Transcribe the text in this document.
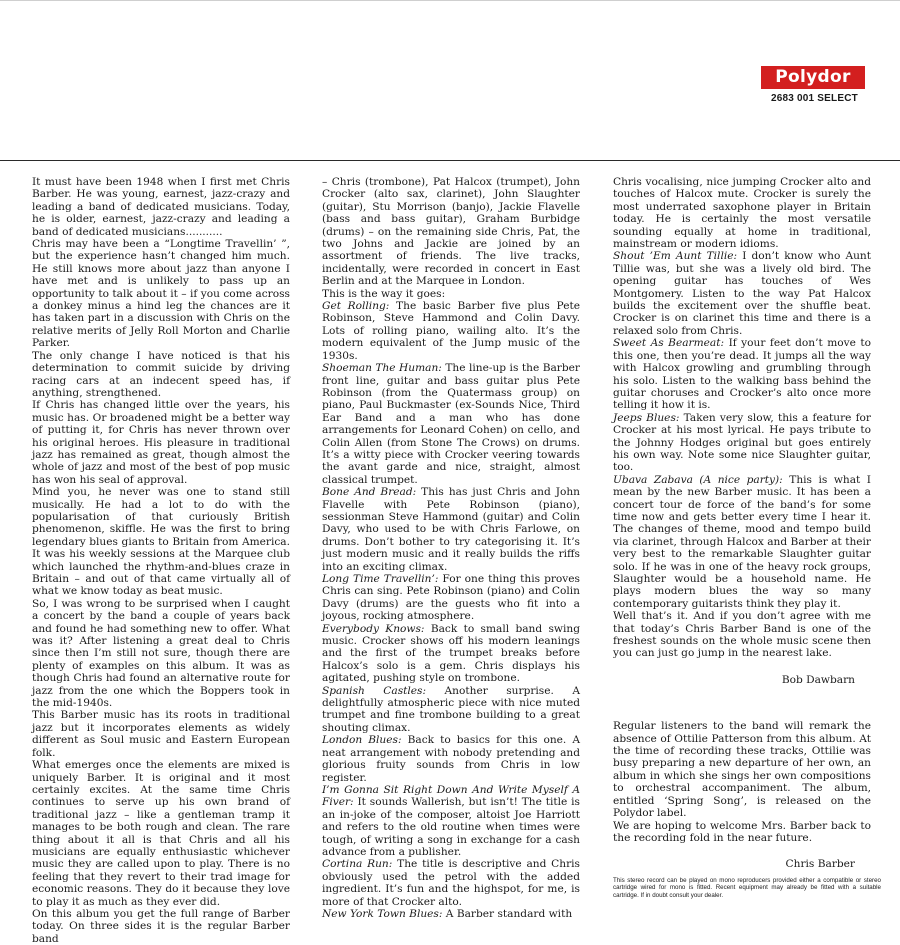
Polydor
2683 001 SELECT

It must have been 1948 when I first met Chris Barber. He was young, earnest, jazz-crazy and leading a band of dedicated musicians. Today, he is older, earnest, jazz-crazy and leading a band of dedicated musicians...........

Chris may have been a “Longtime Travellin’ ”, but the experience hasn’t changed him much. He still knows more about jazz than anyone I have met and is unlikely to pass up an opportunity to talk about it – if you come across a donkey minus a hind leg the chances are it has taken part in a discussion with Chris on the relative merits of Jelly Roll Morton and Charlie Parker.

The only change I have noticed is that his determination to commit suicide by driving racing cars at an indecent speed has, if anything, strengthened.

If Chris has changed little over the years, his music has. Or broadened might be a better way of putting it, for Chris has never thrown over his original heroes. His pleasure in traditional jazz has remained as great, though almost the whole of jazz and most of the best of pop music has won his seal of approval.

Mind you, he never was one to stand still musically. He had a lot to do with the popularisation of that curiously British phenomenon, skiffle. He was the first to bring legendary blues giants to Britain from America. It was his weekly sessions at the Marquee club which launched the rhythm-and-blues craze in Britain – and out of that came virtually all of what we know today as beat music.

So, I was wrong to be surprised when I caught a concert by the band a couple of years back and found he had something new to offer. What was it? After listening a great deal to Chris since then I’m still not sure, though there are plenty of examples on this album. It was as though Chris had found an alternative route for jazz from the one which the Boppers took in the mid-1940s.

This Barber music has its roots in traditional jazz but it incorporates elements as widely different as Soul music and Eastern European folk.

What emerges once the elements are mixed is uniquely Barber. It is original and it most certainly excites. At the same time Chris continues to serve up his own brand of traditional jazz – like a gentleman tramp it manages to be both rough and clean. The rare thing about it all is that Chris and all his musicians are equally enthusiastic whichever music they are called upon to play. There is no feeling that they revert to their trad image for economic reasons. They do it because they love to play it as much as they ever did.

On this album you get the full range of Barber today. On three sides it is the regular Barber band

– Chris (trombone), Pat Halcox (trumpet), John Crocker (alto sax, clarinet), John Slaughter (guitar), Stu Morrison (banjo), Jackie Flavelle (bass and bass guitar), Graham Burbidge (drums) – on the remaining side Chris, Pat, the two Johns and Jackie are joined by an assortment of friends. The live tracks, incidentally, were recorded in concert in East Berlin and at the Marquee in London.

This is the way it goes:

Get Rolling: The basic Barber five plus Pete Robinson, Steve Hammond and Colin Davy. Lots of rolling piano, wailing alto. It’s the modern equivalent of the Jump music of the 1930s.

Shoeman The Human: The line-up is the Barber front line, guitar and bass guitar plus Pete Robinson (from the Quatermass group) on piano, Paul Buckmaster (ex-Sounds Nice, Third Ear Band and a man who has done arrangements for Leonard Cohen) on cello, and Colin Allen (from Stone The Crows) on drums. It’s a witty piece with Crocker veering towards the avant garde and nice, straight, almost classical trumpet.

Bone And Bread: This has just Chris and John Flavelle with Pete Robinson (piano), sessionman Steve Hammond (guitar) and Colin Davy, who used to be with Chris Farlowe, on drums. Don’t bother to try categorising it. It’s just modern music and it really builds the riffs into an exciting climax.

Long Time Travellin’: For one thing this proves Chris can sing. Pete Robinson (piano) and Colin Davy (drums) are the guests who fit into a joyous, rocking atmosphere.

Everybody Knows: Back to small band swing music. Crocker shows off his modern leanings and the first of the trumpet breaks before Halcox’s solo is a gem. Chris displays his agitated, pushing style on trombone.

Spanish Castles: Another surprise. A delightfully atmospheric piece with nice muted trumpet and fine trombone building to a great shouting climax.

London Blues: Back to basics for this one. A neat arrangement with nobody pretending and glorious fruity sounds from Chris in low register.

I’m Gonna Sit Right Down And Write Myself A Fiver: It sounds Wallerish, but isn’t! The title is an in-joke of the composer, altoist Joe Harriott and refers to the old routine when times were tough, of writing a song in exchange for a cash advance from a publisher.

Cortina Run: The title is descriptive and Chris obviously used the petrol with the added ingredient. It’s fun and the highspot, for me, is more of that Crocker alto.

New York Town Blues: A Barber standard with

Chris vocalising, nice jumping Crocker alto and touches of Halcox mute. Crocker is surely the most underrated saxophone player in Britain today. He is certainly the most versatile sounding equally at home in traditional, mainstream or modern idioms.

Shout ’Em Aunt Tillie: I don’t know who Aunt Tillie was, but she was a lively old bird. The opening guitar has touches of Wes Montgomery. Listen to the way Pat Halcox builds the excitement over the shuffle beat. Crocker is on clarinet this time and there is a relaxed solo from Chris.

Sweet As Bearmeat: If your feet don’t move to this one, then you’re dead. It jumps all the way with Halcox growling and grumbling through his solo. Listen to the walking bass behind the guitar choruses and Crocker’s alto once more telling it how it is.

Jeeps Blues: Taken very slow, this a feature for Crocker at his most lyrical. He pays tribute to the Johnny Hodges original but goes entirely his own way. Note some nice Slaughter guitar, too.

Ubava Zabava (A nice party): This is what I mean by the new Barber music. It has been a concert tour de force of the band’s for some time now and gets better every time I hear it. The changes of theme, mood and tempo build via clarinet, through Halcox and Barber at their very best to the remarkable Slaughter guitar solo. If he was in one of the heavy rock groups, Slaughter would be a household name. He plays modern blues the way so many contemporary guitarists think they play it.

Well that’s it. And if you don’t agree with me that today’s Chris Barber Band is one of the freshest sounds on the whole music scene then you can just go jump in the nearest lake.

Bob Dawbarn

Regular listeners to the band will remark the absence of Ottilie Patterson from this album. At the time of recording these tracks, Ottilie was busy preparing a new departure of her own, an album in which she sings her own compositions to orchestral accompaniment. The album, entitled ‘Spring Song’, is released on the Polydor label.

We are hoping to welcome Mrs. Barber back to the recording fold in the near future.

Chris Barber

This stereo record can be played on mono reproducers provided either a compatible or stereo cartridge wired for mono is fitted. Recent equipment may already be fitted with a suitable cartridge. If in doubt consult your dealer.
